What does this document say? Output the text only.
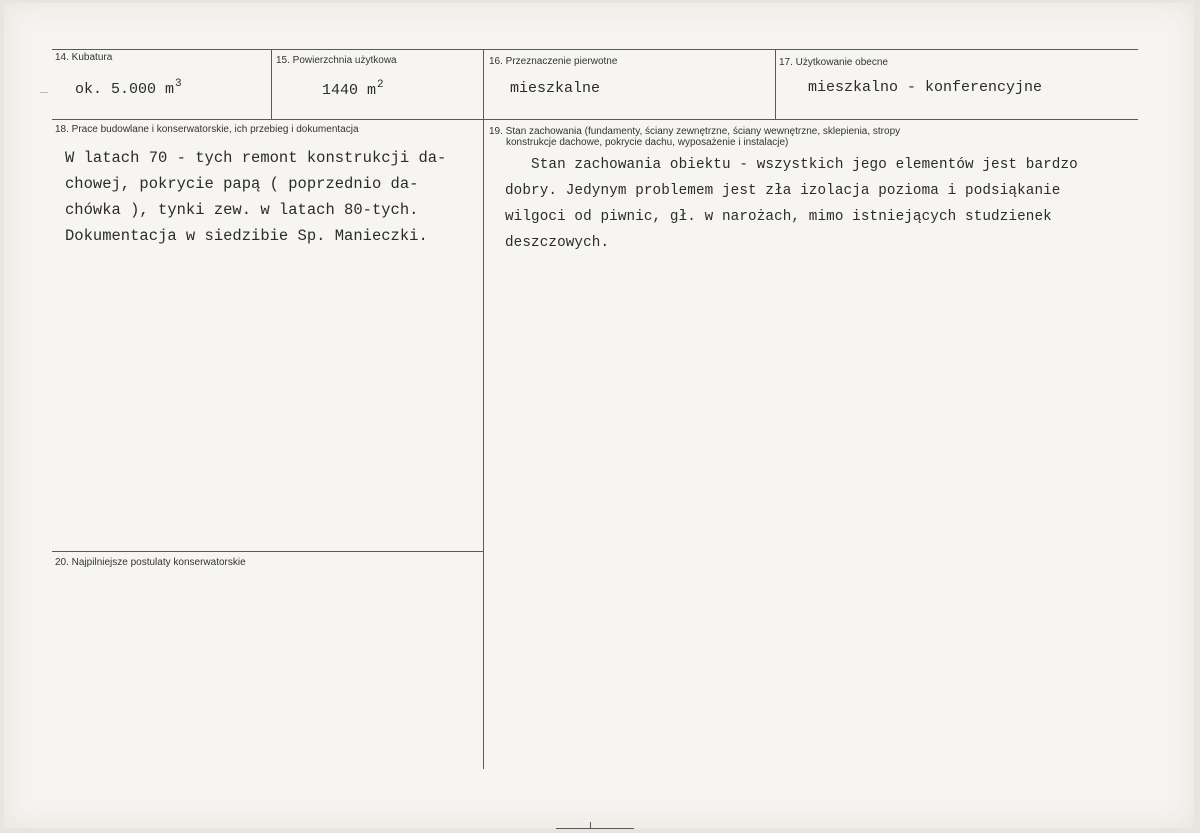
14. Kubatura
ok. 5.000 $m^3$
15. Powierzchnia użytkowa
1440 $m^2$
16. Przeznaczenie pierwotne
mieszkalne
17. Użytkowanie obecne
mieszkalno - konferencyjne
18. Prace budowlane i konserwatorskie, ich przebieg i dokumentacja
W latach 70 - tych remont konstrukcji da-
chowej, pokrycie papą ( poprzednio da-
chówka ), tynki zew. w latach 80-tych.
Dokumentacja w siedzibie Sp. Manieczki.
19. Stan zachowania (fundamenty, ściany zewnętrzne, ściany wewnętrzne, sklepienia, stropy
konstrukcje dachowe, pokrycie dachu, wyposażenie i instalacje)
Stan zachowania obiektu - wszystkich jego elementów jest bardzo
dobry. Jedynym problemem jest zła izolacja pozioma i podsiąkanie
wilgoci od piwnic, gł. w narożach, mimo istniejących studzienek
deszczowych.
20. Najpilniejsze postulaty konserwatorskie
